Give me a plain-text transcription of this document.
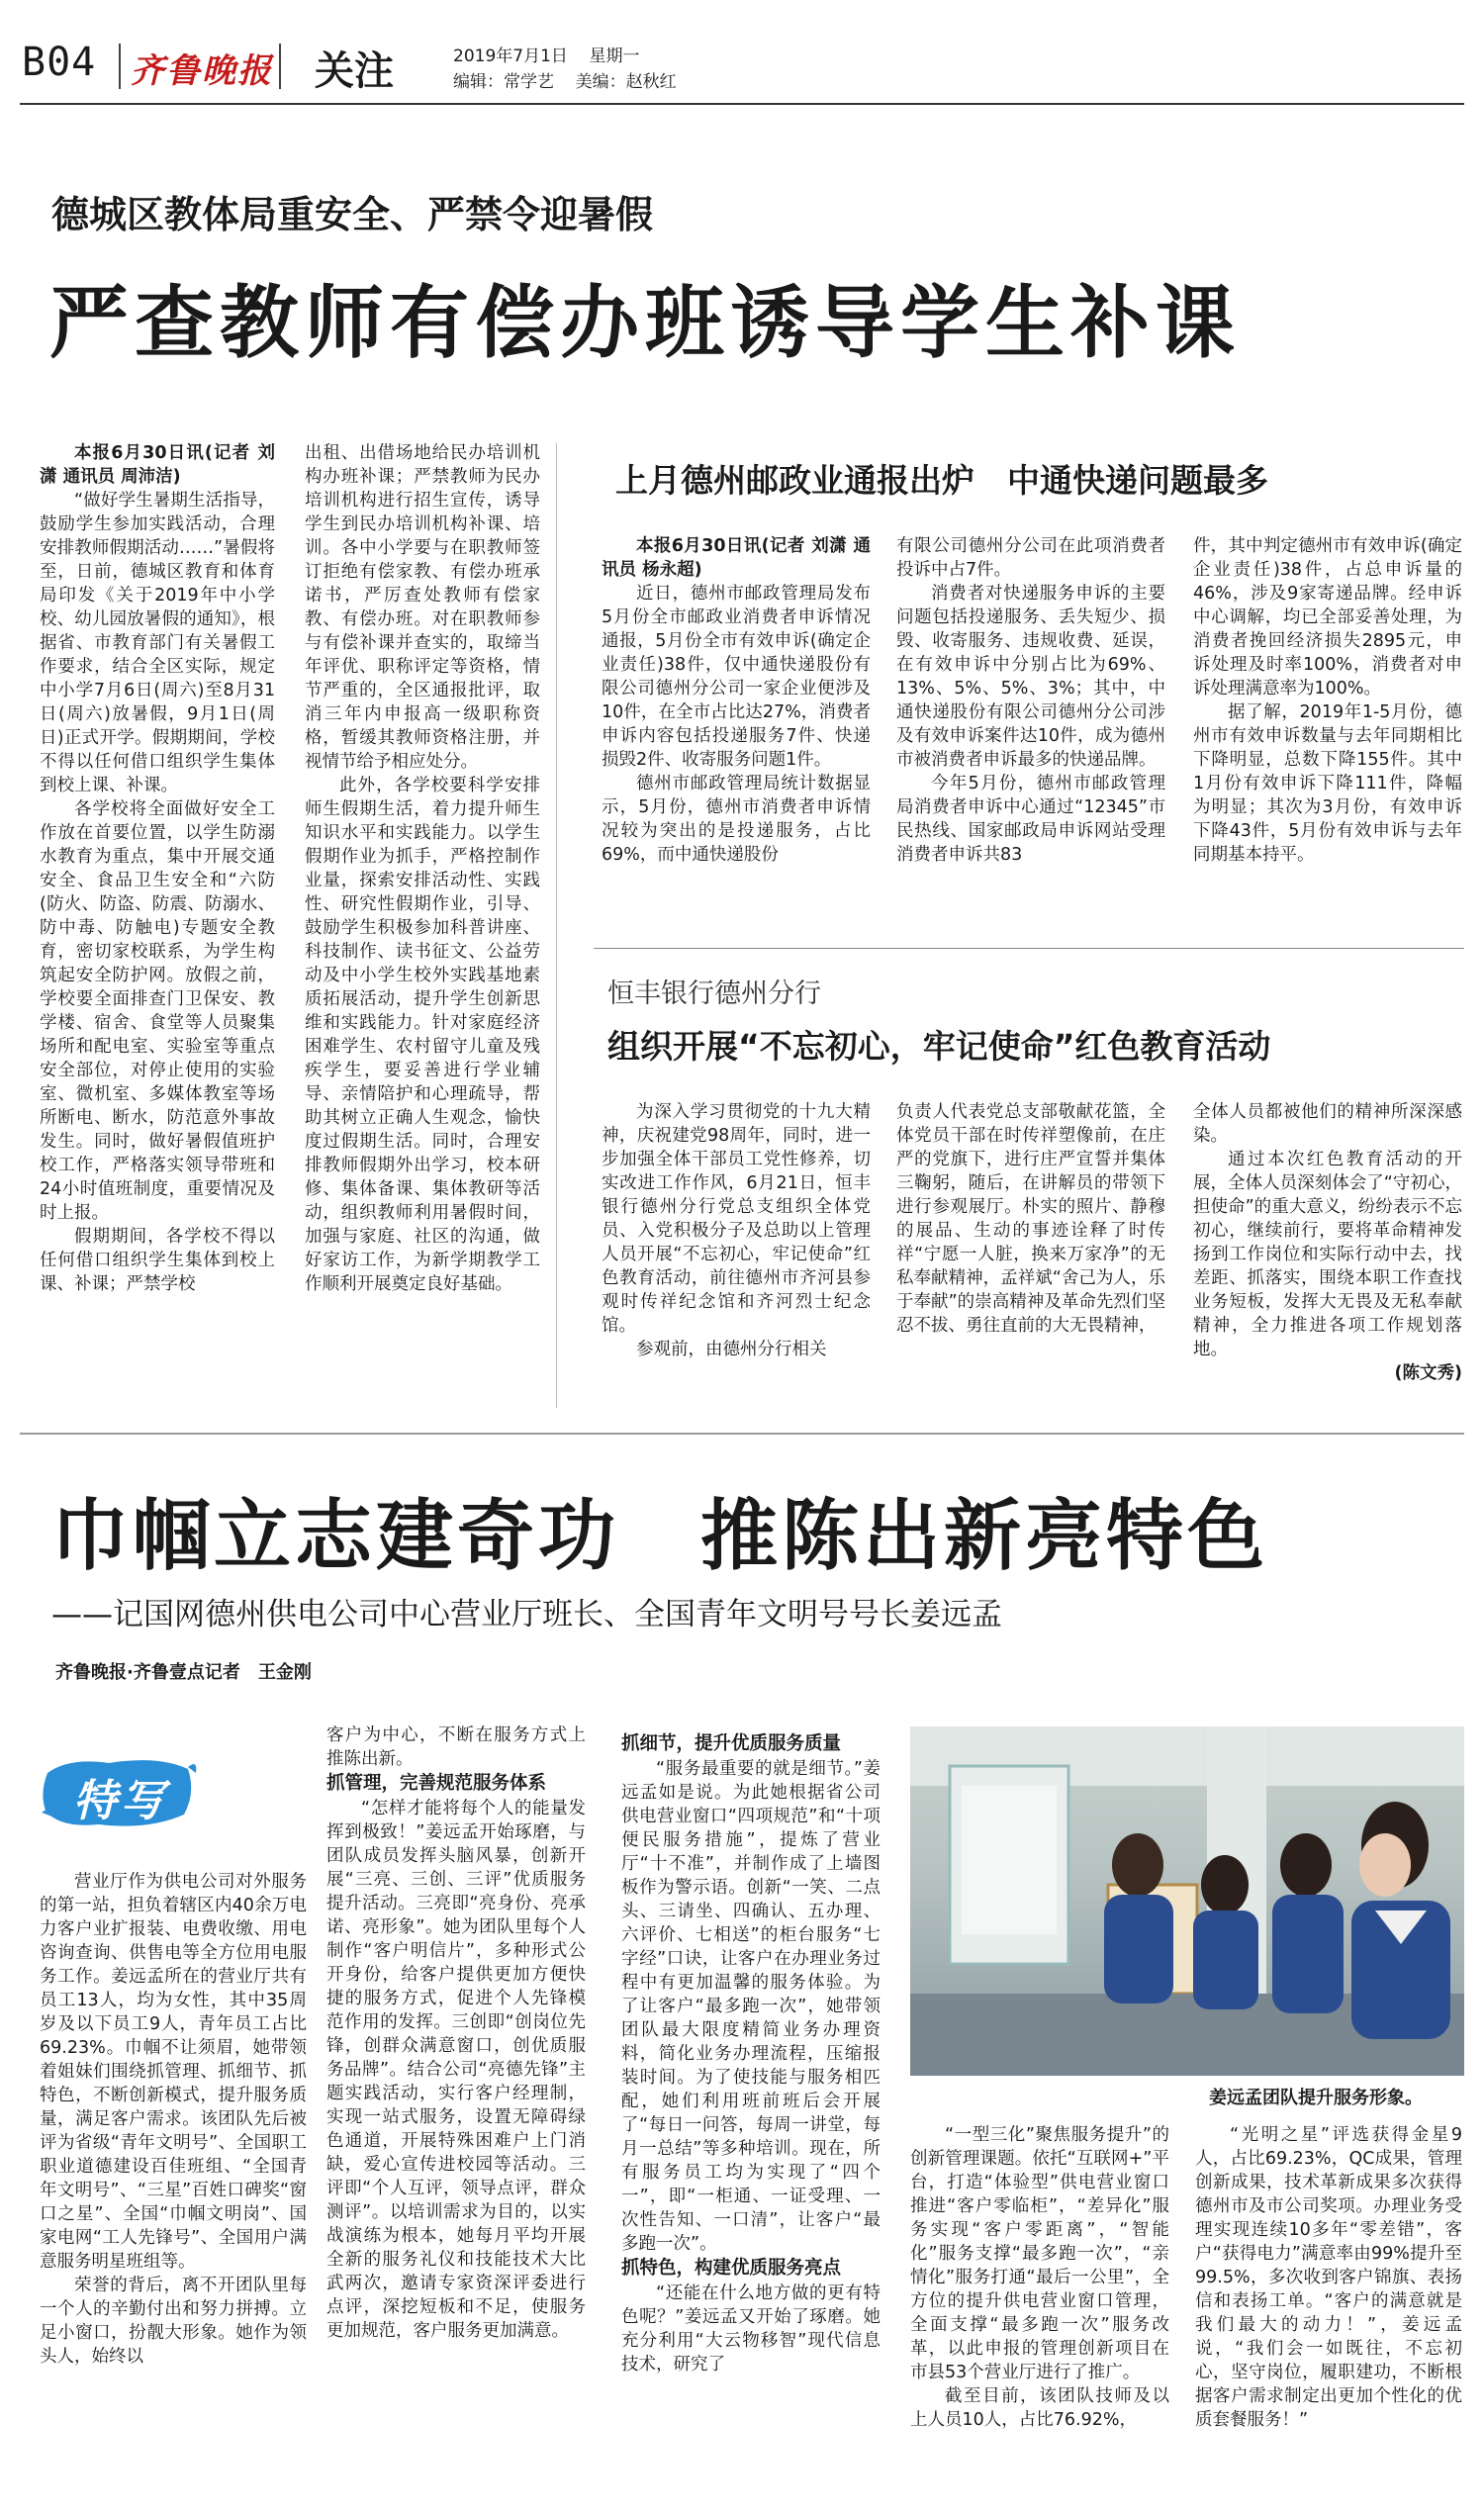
B04 齐鲁晚报 关注	2019年7月1日 星期一
编辑：常学艺 美编：赵秋红
德城区教体局重安全、严禁令迎暑假
严查教师有偿办班诱导学生补课

本报6月30日讯(记者 刘潇 通讯员 周沛洁)

“做好学生暑期生活指导，鼓励学生参加实践活动，合理安排教师假期活动……”暑假将至，日前，德城区教育和体育局印发《关于2019年中小学校、幼儿园放暑假的通知》，根据省、市教育部门有关暑假工作要求，结合全区实际，规定中小学7月6日(周六)至8月31日(周六)放暑假，9月1日(周日)正式开学。假期期间，学校不得以任何借口组织学生集体到校上课、补课。

各学校将全面做好安全工作放在首要位置，以学生防溺水教育为重点，集中开展交通安全、食品卫生安全和“六防(防火、防盗、防震、防溺水、防中毒、防触电)专题安全教育，密切家校联系，为学生构筑起安全防护网。放假之前，学校要全面排查门卫保安、教学楼、宿舍、食堂等人员聚集场所和配电室、实验室等重点安全部位，对停止使用的实验室、微机室、多媒体教室等场所断电、断水，防范意外事故发生。同时，做好暑假值班护校工作，严格落实领导带班和24小时值班制度，重要情况及时上报。

假期期间，各学校不得以任何借口组织学生集体到校上课、补课；严禁学校

出租、出借场地给民办培训机构办班补课；严禁教师为民办培训机构进行招生宣传，诱导学生到民办培训机构补课、培训。各中小学要与在职教师签订拒绝有偿家教、有偿办班承诺书，严厉查处教师有偿家教、有偿办班。对在职教师参与有偿补课并查实的，取缔当年评优、职称评定等资格，情节严重的，全区通报批评，取消三年内申报高一级职称资格，暂缓其教师资格注册，并视情节给予相应处分。

此外，各学校要科学安排师生假期生活，着力提升师生知识水平和实践能力。以学生假期作业为抓手，严格控制作业量，探索安排活动性、实践性、研究性假期作业，引导、鼓励学生积极参加科普讲座、科技制作、读书征文、公益劳动及中小学生校外实践基地素质拓展活动，提升学生创新思维和实践能力。针对家庭经济困难学生、农村留守儿童及残疾学生，要妥善进行学业辅导、亲情陪护和心理疏导，帮助其树立正确人生观念，愉快度过假期生活。同时，合理安排教师假期外出学习，校本研修、集体备课、集体教研等活动，组织教师利用暑假时间，加强与家庭、社区的沟通，做好家访工作，为新学期教学工作顺利开展奠定良好基础。

上月德州邮政业通报出炉　中通快递问题最多

本报6月30日讯(记者 刘潇 通讯员 杨永超)

近日，德州市邮政管理局发布5月份全市邮政业消费者申诉情况通报，5月份全市有效申诉(确定企业责任)38件，仅中通快递股份有限公司德州分公司一家企业便涉及10件，在全市占比达27%，消费者申诉内容包括投递服务7件、快递损毁2件、收寄服务问题1件。

德州市邮政管理局统计数据显示，5月份，德州市消费者申诉情况较为突出的是投递服务，占比69%，而中通快递股份

有限公司德州分公司在此项消费者投诉中占7件。

消费者对快递服务申诉的主要问题包括投递服务、丢失短少、损毁、收寄服务、违规收费、延误，在有效申诉中分别占比为69%、13%、5%、5%、3%；其中，中通快递股份有限公司德州分公司涉及有效申诉案件达10件，成为德州市被消费者申诉最多的快递品牌。

今年5月份，德州市邮政管理局消费者申诉中心通过“12345”市民热线、国家邮政局申诉网站受理消费者申诉共83

件，其中判定德州市有效申诉(确定企业责任)38件，占总申诉量的46%，涉及9家寄递品牌。经申诉中心调解，均已全部妥善处理，为消费者挽回经济损失2895元，申诉处理及时率100%，消费者对申诉处理满意率为100%。

据了解，2019年1-5月份，德州市有效申诉数量与去年同期相比下降明显，总数下降155件。其中1月份有效申诉下降111件，降幅为明显；其次为3月份，有效申诉下降43件，5月份有效申诉与去年同期基本持平。

恒丰银行德州分行
组织开展“不忘初心，牢记使命”红色教育活动

为深入学习贯彻党的十九大精神，庆祝建党98周年，同时，进一步加强全体干部员工党性修养，切实改进工作作风，6月21日，恒丰银行德州分行党总支组织全体党员、入党积极分子及总助以上管理人员开展“不忘初心，牢记使命”红色教育活动，前往德州市齐河县参观时传祥纪念馆和齐河烈士纪念馆。

参观前，由德州分行相关

负责人代表党总支部敬献花篮，全体党员干部在时传祥塑像前，在庄严的党旗下，进行庄严宣誓并集体三鞠躬，随后，在讲解员的带领下进行参观展厅。朴实的照片、静穆的展品、生动的事迹诠释了时传祥“宁愿一人脏，换来万家净”的无私奉献精神，孟祥斌“舍己为人，乐于奉献”的崇高精神及革命先烈们坚忍不拔、勇往直前的大无畏精神，

全体人员都被他们的精神所深深感染。

通过本次红色教育活动的开展，全体人员深刻体会了“守初心，担使命”的重大意义，纷纷表示不忘初心，继续前行，要将革命精神发扬到工作岗位和实际行动中去，找差距、抓落实，围绕本职工作查找业务短板，发挥大无畏及无私奉献精神，全力推进各项工作规划落地。

(陈文秀)

巾帼立志建奇功　推陈出新亮特色
——记国网德州供电公司中心营业厅班长、全国青年文明号号长姜远孟
齐鲁晚报·齐鲁壹点记者　王金刚
特写

营业厅作为供电公司对外服务的第一站，担负着辖区内40余万电力客户业扩报装、电费收缴、用电咨询查询、供售电等全方位用电服务工作。姜远孟所在的营业厅共有员工13人，均为女性，其中35周岁及以下员工9人，青年员工占比69.23%。巾帼不让须眉，她带领着姐妹们围绕抓管理、抓细节、抓特色，不断创新模式，提升服务质量，满足客户需求。该团队先后被评为省级“青年文明号”、全国职工职业道德建设百佳班组、“全国青年文明号”、“三星”百姓口碑奖“窗口之星”、全国“巾帼文明岗”、国家电网“工人先锋号”、全国用户满意服务明星班组等。

荣誉的背后，离不开团队里每一个人的辛勤付出和努力拼搏。立足小窗口，扮靓大形象。她作为领头人，始终以

客户为中心，不断在服务方式上推陈出新。

抓管理，完善规范服务体系

“怎样才能将每个人的能量发挥到极致！”姜远孟开始琢磨，与团队成员发挥头脑风暴，创新开展“三亮、三创、三评”优质服务提升活动。三亮即“亮身份、亮承诺、亮形象”。她为团队里每个人制作“客户明信片”，多种形式公开身份，给客户提供更加方便快捷的服务方式，促进个人先锋模范作用的发挥。三创即“创岗位先锋，创群众满意窗口，创优质服务品牌”。结合公司“亮德先锋”主题实践活动，实行客户经理制，实现一站式服务，设置无障碍绿色通道，开展特殊困难户上门消缺，爱心宣传进校园等活动。三评即“个人互评，领导点评，群众测评”。以培训需求为目的，以实战演练为根本，她每月平均开展全新的服务礼仪和技能技术大比武两次，邀请专家资深评委进行点评，深挖短板和不足，使服务更加规范，客户服务更加满意。

抓细节，提升优质服务质量

“服务最重要的就是细节。”姜远孟如是说。为此她根据省公司供电营业窗口“四项规范”和“十项便民服务措施”，提炼了营业厅“十不准”，并制作成了上墙图板作为警示语。创新“一笑、二点头、三请坐、四确认、五办理、六评价、七相送”的柜台服务“七字经”口诀，让客户在办理业务过程中有更加温馨的服务体验。为了让客户“最多跑一次”，她带领团队最大限度精简业务办理资料，简化业务办理流程，压缩报装时间。为了使技能与服务相匹配，她们利用班前班后会开展了“每日一问答，每周一讲堂，每月一总结”等多种培训。现在，所有服务员工均为实现了“四个一”，即“一柜通、一证受理、一次性告知、一口清”，让客户“最多跑一次”。

抓特色，构建优质服务亮点

“还能在什么地方做的更有特色呢？”姜远孟又开始了琢磨。她充分利用“大云物移智”现代信息技术，研究了

姜远孟团队提升服务形象。

“一型三化”聚焦服务提升”的创新管理课题。依托“互联网+”平台，打造“体验型”供电营业窗口推进“客户零临柜”，“差异化”服务实现“客户零距离”，“智能化”服务支撑“最多跑一次”，“亲情化”服务打通“最后一公里”，全方位的提升供电营业窗口管理，全面支撑“最多跑一次”服务改革，以此申报的管理创新项目在市县53个营业厅进行了推广。

截至目前，该团队技师及以上人员10人，占比76.92%，

“光明之星”评选获得金星9人，占比69.23%，QC成果，管理创新成果，技术革新成果多次获得德州市及市公司奖项。办理业务受理实现连续10多年“零差错”，客户“获得电力”满意率由99%提升至99.5%，多次收到客户锦旗、表扬信和表扬工单。“客户的满意就是我们最大的动力！”，姜远孟说，“我们会一如既往，不忘初心，坚守岗位，履职建功，不断根据客户需求制定出更加个性化的优质套餐服务！”
